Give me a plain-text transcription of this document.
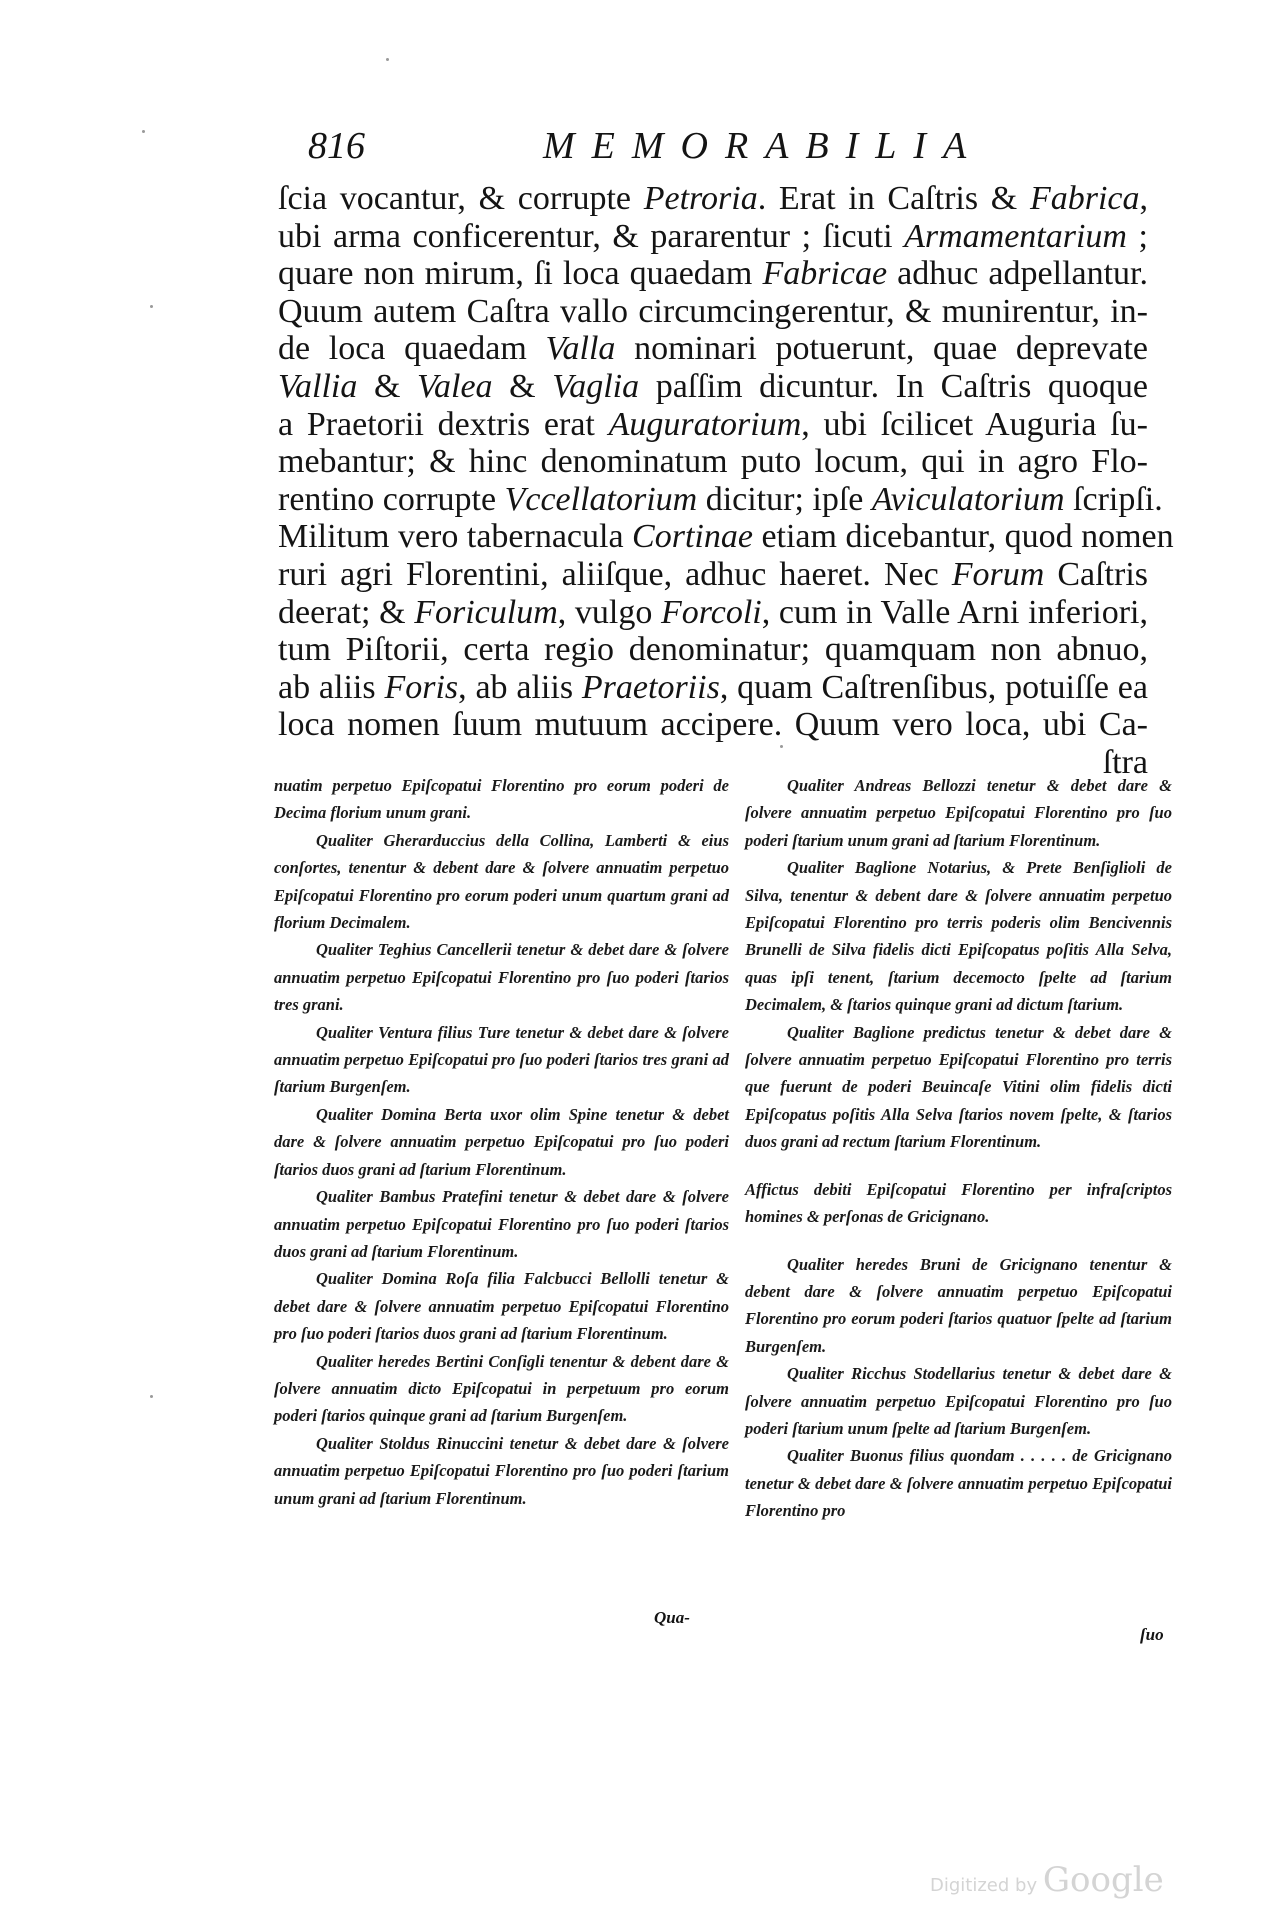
816	MEMORABILIA
ſcia vocantur, & corrupte Petroria. Erat in Caſtris & Fabrica,
ubi arma conficerentur, & pararentur ; ſicuti Armamentarium ;
quare non mirum, ſi loca quaedam Fabricae adhuc adpellantur.
Quum autem Caſtra vallo circumcingerentur, & munirentur, in-
de loca quaedam Valla nominari potuerunt, quae deprevate
Vallia & Valea & Vaglia paſſim dicuntur. In Caſtris quoque
a Praetorii dextris erat Auguratorium, ubi ſcilicet Auguria ſu-
mebantur; & hinc denominatum puto locum, qui in agro Flo-
rentino corrupte Vccellatorium dicitur; ipſe Aviculatorium ſcripſi.
Militum vero tabernacula Cortinae etiam dicebantur, quod nomen
ruri agri Florentini, aliiſque, adhuc haeret. Nec Forum Caſtris
deerat; & Foriculum, vulgo Forcoli, cum in Valle Arni inferiori,
tum Piſtorii, certa regio denominatur; quamquam non abnuo,
ab aliis Foris, ab aliis Praetoriis, quam Caſtrenſibus, potuiſſe ea
loca nomen ſuum mutuum accipere. Quum vero loca, ubi Ca-
ſtra

nuatim perpetuo Epiſcopatui Florentino pro eorum poderi de Decima florium unum grani.

Qualiter Gherarduccius della Collina, Lamberti & eius conſortes, tenentur & debent dare & ſolvere annuatim perpetuo Epiſcopatui Florentino pro eorum poderi unum quartum grani ad florium Decimalem.

Qualiter Teghius Cancellerii tenetur & debet dare & ſolvere annuatim perpetuo Epiſcopatui Florentino pro ſuo poderi ſtarios tres grani.

Qualiter Ventura filius Ture tenetur & debet dare & ſolvere annuatim perpetuo Epiſcopatui pro ſuo poderi ſtarios tres grani ad ſtarium Burgenſem.

Qualiter Domina Berta uxor olim Spine tenetur & debet dare & ſolvere annuatim perpetuo Epiſcopatui pro ſuo poderi ſtarios duos grani ad ſtarium Florentinum.

Qualiter Bambus Pratefini tenetur & debet dare & ſolvere annuatim perpetuo Epiſcopatui Florentino pro ſuo poderi ſtarios duos grani ad ſtarium Florentinum.

Qualiter Domina Roſa filia Falcbucci Bellolli tenetur & debet dare & ſolvere annuatim perpetuo Epiſcopatui Florentino pro ſuo poderi ſtarios duos grani ad ſtarium Florentinum.

Qualiter heredes Bertini Conſigli tenentur & debent dare & ſolvere annuatim dicto Epiſcopatui in perpetuum pro eorum poderi ſtarios quinque grani ad ſtarium Burgenſem.

Qualiter Stoldus Rinuccini tenetur & debet dare & ſolvere annuatim perpetuo Epiſcopatui Florentino pro ſuo poderi ſtarium unum grani ad ſtarium Florentinum.

Qua-

Qualiter Andreas Bellozzi tenetur & debet dare & ſolvere annuatim perpetuo Epiſcopatui Florentino pro ſuo poderi ſtarium unum grani ad ſtarium Florentinum.

Qualiter Baglione Notarius, & Prete Benſiglioli de Silva, tenentur & debent dare & ſolvere annuatim perpetuo Epiſcopatui Florentino pro terris poderis olim Bencivennis Brunelli de Silva fidelis dicti Epiſcopatus poſitis Alla Selva, quas ipſi tenent, ſtarium decemocto ſpelte ad ſtarium Decimalem, & ſtarios quinque grani ad dictum ſtarium.

Qualiter Baglione predictus tenetur & debet dare & ſolvere annuatim perpetuo Epiſcopatui Florentino pro terris que fuerunt de poderi Beuincaſe Vitini olim fidelis dicti Epiſcopatus poſitis Alla Selva ſtarios novem ſpelte, & ſtarios duos grani ad rectum ſtarium Florentinum.

Affictus debiti Epiſcopatui Florentino per infraſcriptos homines & perſonas de Gricignano.

Qualiter heredes Bruni de Gricignano tenentur & debent dare & ſolvere annuatim perpetuo Epiſcopatui Florentino pro eorum poderi ſtarios quatuor ſpelte ad ſtarium Burgenſem.

Qualiter Ricchus Stodellarius tenetur & debet dare & ſolvere annuatim perpetuo Epiſcopatui Florentino pro ſuo poderi ſtarium unum ſpelte ad ſtarium Burgenſem.

Qualiter Buonus filius quondam . . . . . de Gricignano tenetur & debet dare & ſolvere annuatim perpetuo Epiſcopatui Florentino pro

ſuo
Digitized by Google
